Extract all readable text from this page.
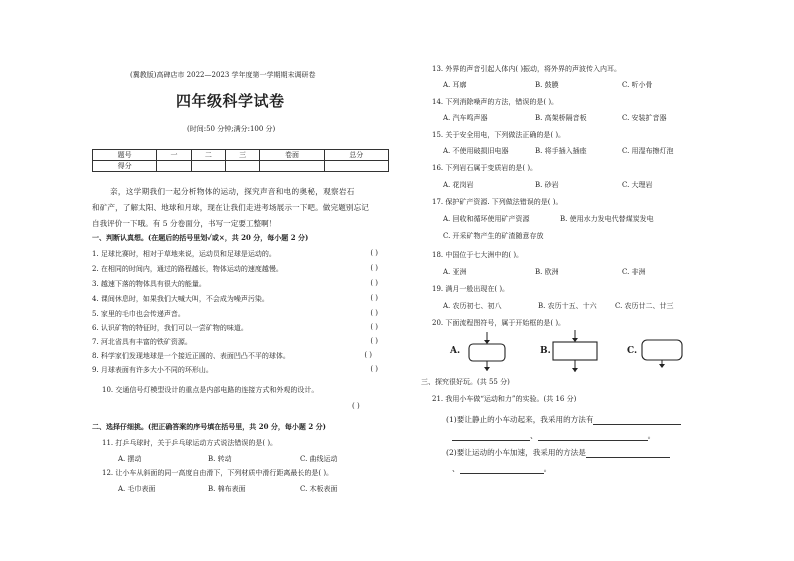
(冀教版)高碑店市 2022—2023 学年度第一学期期末调研卷
四年级科学试卷
(时间:50 分钟;满分:100 分)
题号	一	二	三	卷面	总分
得分					
亲，这学期我们一起分析物体的运动，探究声音和电的奥秘，观察岩石
和矿产，了解太阳、地球和月球，现在让我们走进考场展示一下吧。做完题别忘记
自我评价一下哦。有 5 分卷面分，书写一定要工整啊！
一、判断认真想。(在题后的括号里划✓或×，共 20 分，每小题 2 分)
1. 足球比赛时，相对于草地来说，运动员和足球是运动的。	( )
2. 在相同的时间内，通过的路程越长，物体运动的速度越慢。	( )
3. 越速下落的物体具有很大的能量。	( )
4. 课间休息时，如果我们大喊大叫，不会成为噪声污染。	( )
5. 家里的毛巾也会传递声音。	( )
6. 认识矿物的特征时，我们可以一尝矿物的味道。	( )
7. 河北省具有丰富的铁矿资源。	( )
8. 科学家们发现地球是一个接近正圆的、表面凹凸不平的球体。	( )
9. 月球表面有许多大小不同的环形山。	( )
10. 交通信号灯模型设计的重点是内部电路的连接方式和外观的设计。
( )
二、选择仔细挑。(把正确答案的序号填在括号里，共 20 分，每小题 2 分)
11. 打乒乓球时，关于乒乓球运动方式说法错误的是( )。
A. 摆动	B. 转动	C. 曲线运动
12. 让小车从斜面的同一高度自由滑下，下列材质中滑行距离最长的是( )。
A. 毛巾表面	B. 棉布表面	C. 木板表面
13. 外界的声音引起人体内( )振动，将外界的声波传入内耳。
A. 耳廓	B. 鼓膜	C. 听小骨
14. 下列消除噪声的方法，错误的是( )。
A. 汽车鸣声器	B. 高架桥隔音板	C. 安装扩音器
15. 关于安全用电，下列做法正确的是( )。
A. 不使用破损旧电器	B. 将手插入插座	C. 用湿布擦灯泡
16. 下列岩石属于变质岩的是( )。
A. 花岗岩	B. 砂岩	C. 大理岩
17. 保护矿产资源. 下列做法错误的是( )。
A. 回收和循环使用矿产资源	B. 使用水力发电代替煤炭发电
C. 开采矿物产生的矿渣随意存放
18. 中国位于七大洲中的( )。
A. 亚洲	B. 欧洲	C. 非洲
19. 满月一般出现在( )。
A. 农历初七、初八	B. 农历十五、十六	C. 农历廿二、廿三
20. 下面流程图符号，属于开始框的是( )。
A.	B.	C.
三、探究很好玩。(共 55 分)
21. 我用小车做“运动和力”的实验。(共 16 分)
(1)要让静止的小车动起来，我采用的方法有
、	。
(2)要让运动的小车加速，我采用的方法是
、	。
